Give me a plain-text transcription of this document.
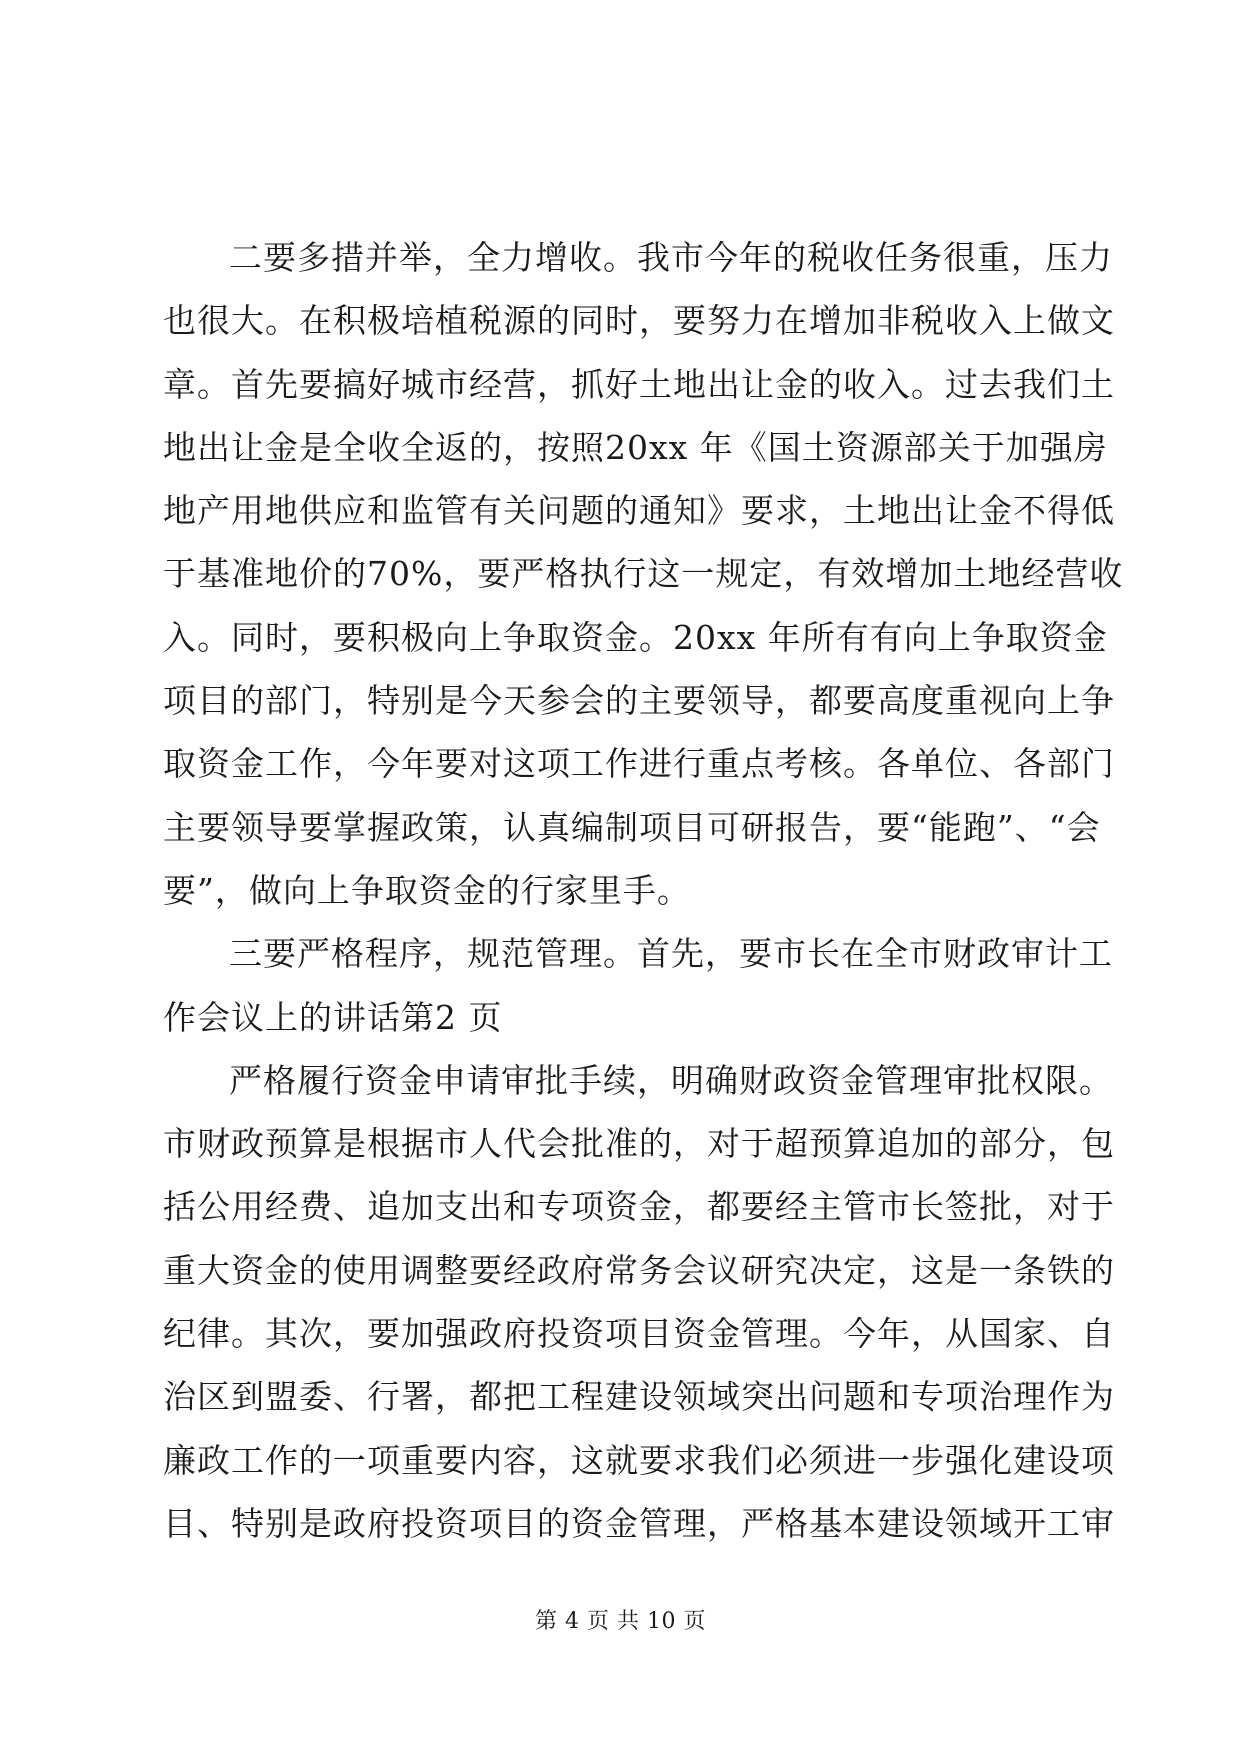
二要多措并举，全力增收。我市今年的税收任务很重，压力
也很大。在积极培植税源的同时，要努力在增加非税收入上做文
章。首先要搞好城市经营，抓好土地出让金的收入。过去我们土
地出让金是全收全返的，按照20xx 年《国土资源部关于加强房
地产用地供应和监管有关问题的通知》要求，土地出让金不得低
于基准地价的70%，要严格执行这一规定，有效增加土地经营收
入。同时，要积极向上争取资金。20xx 年所有有向上争取资金
项目的部门，特别是今天参会的主要领导，都要高度重视向上争
取资金工作，今年要对这项工作进行重点考核。各单位、各部门
主要领导要掌握政策，认真编制项目可研报告，要“能跑”、“会
要”，做向上争取资金的行家里手。

三要严格程序，规范管理。首先，要市长在全市财政审计工
作会议上的讲话第2 页

严格履行资金申请审批手续，明确财政资金管理审批权限。
市财政预算是根据市人代会批准的，对于超预算追加的部分，包
括公用经费、追加支出和专项资金，都要经主管市长签批，对于
重大资金的使用调整要经政府常务会议研究决定，这是一条铁的
纪律。其次，要加强政府投资项目资金管理。今年，从国家、自
治区到盟委、行署，都把工程建设领域突出问题和专项治理作为
廉政工作的一项重要内容，这就要求我们必须进一步强化建设项
目、特别是政府投资项目的资金管理，严格基本建设领域开工审

第 4 页 共 10 页
